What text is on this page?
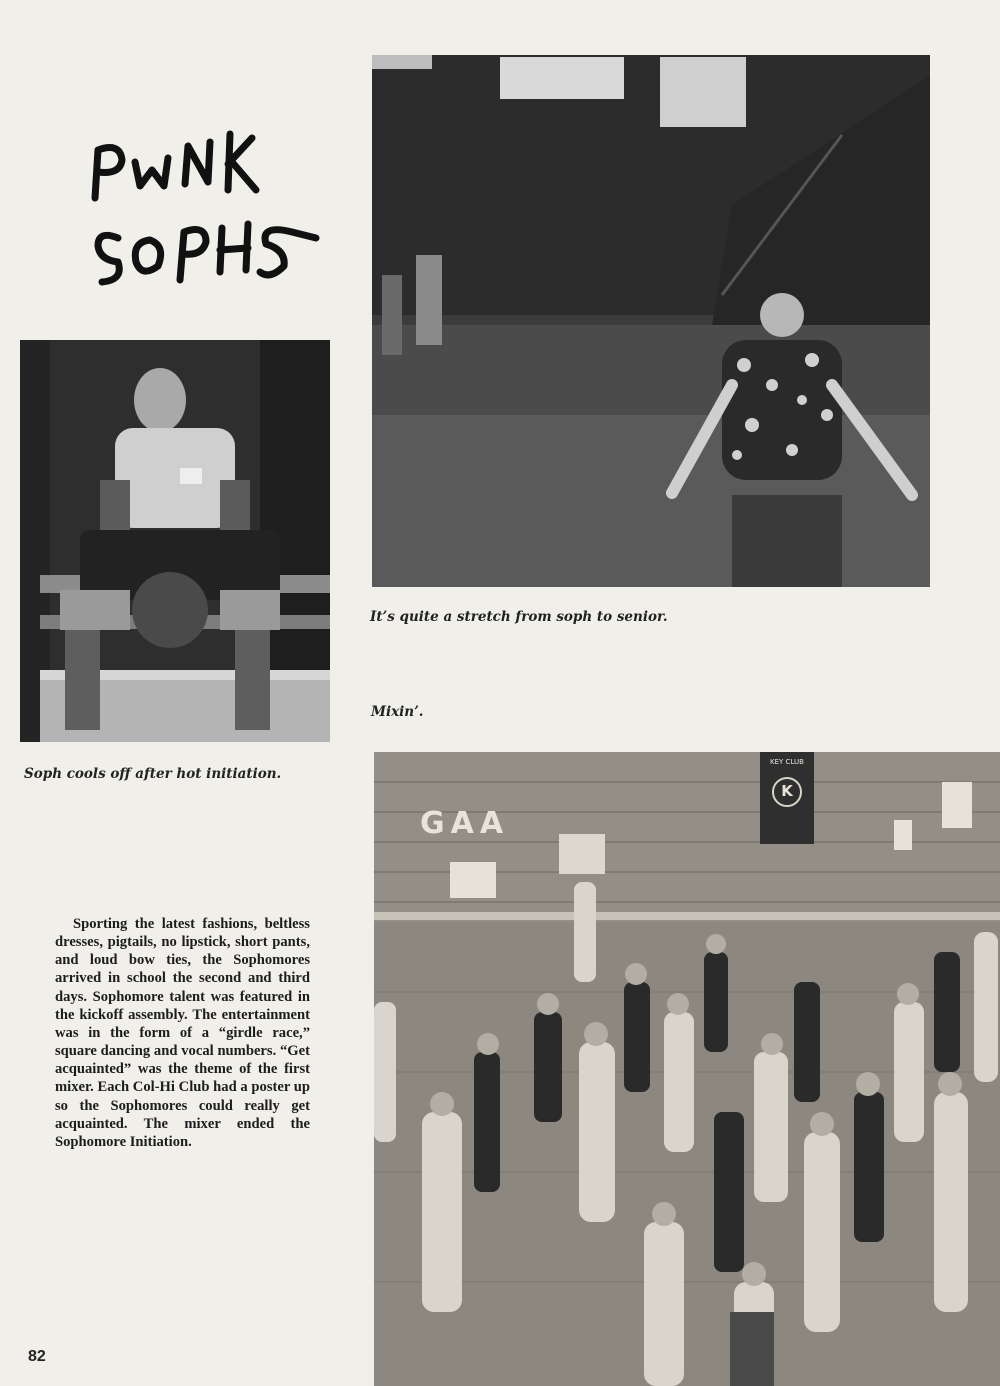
GAA
KEY CLUB
K
It’s quite a stretch from soph to senior.
Mixin’.
Soph cools off after hot initiation.
Sporting the latest fashions, beltless dresses, pigtails, no lipstick, short pants, and loud bow ties, the Sophomores arrived in school the second and third days. Sophomore talent was featured in the kickoff assembly. The entertainment was in the form of a “girdle race,” square dancing and vocal numbers. “Get acquainted” was the theme of the first mixer. Each Col-Hi Club had a poster up so the Sophomores could really get acquainted. The mixer ended the Sophomore Initiation.
82
